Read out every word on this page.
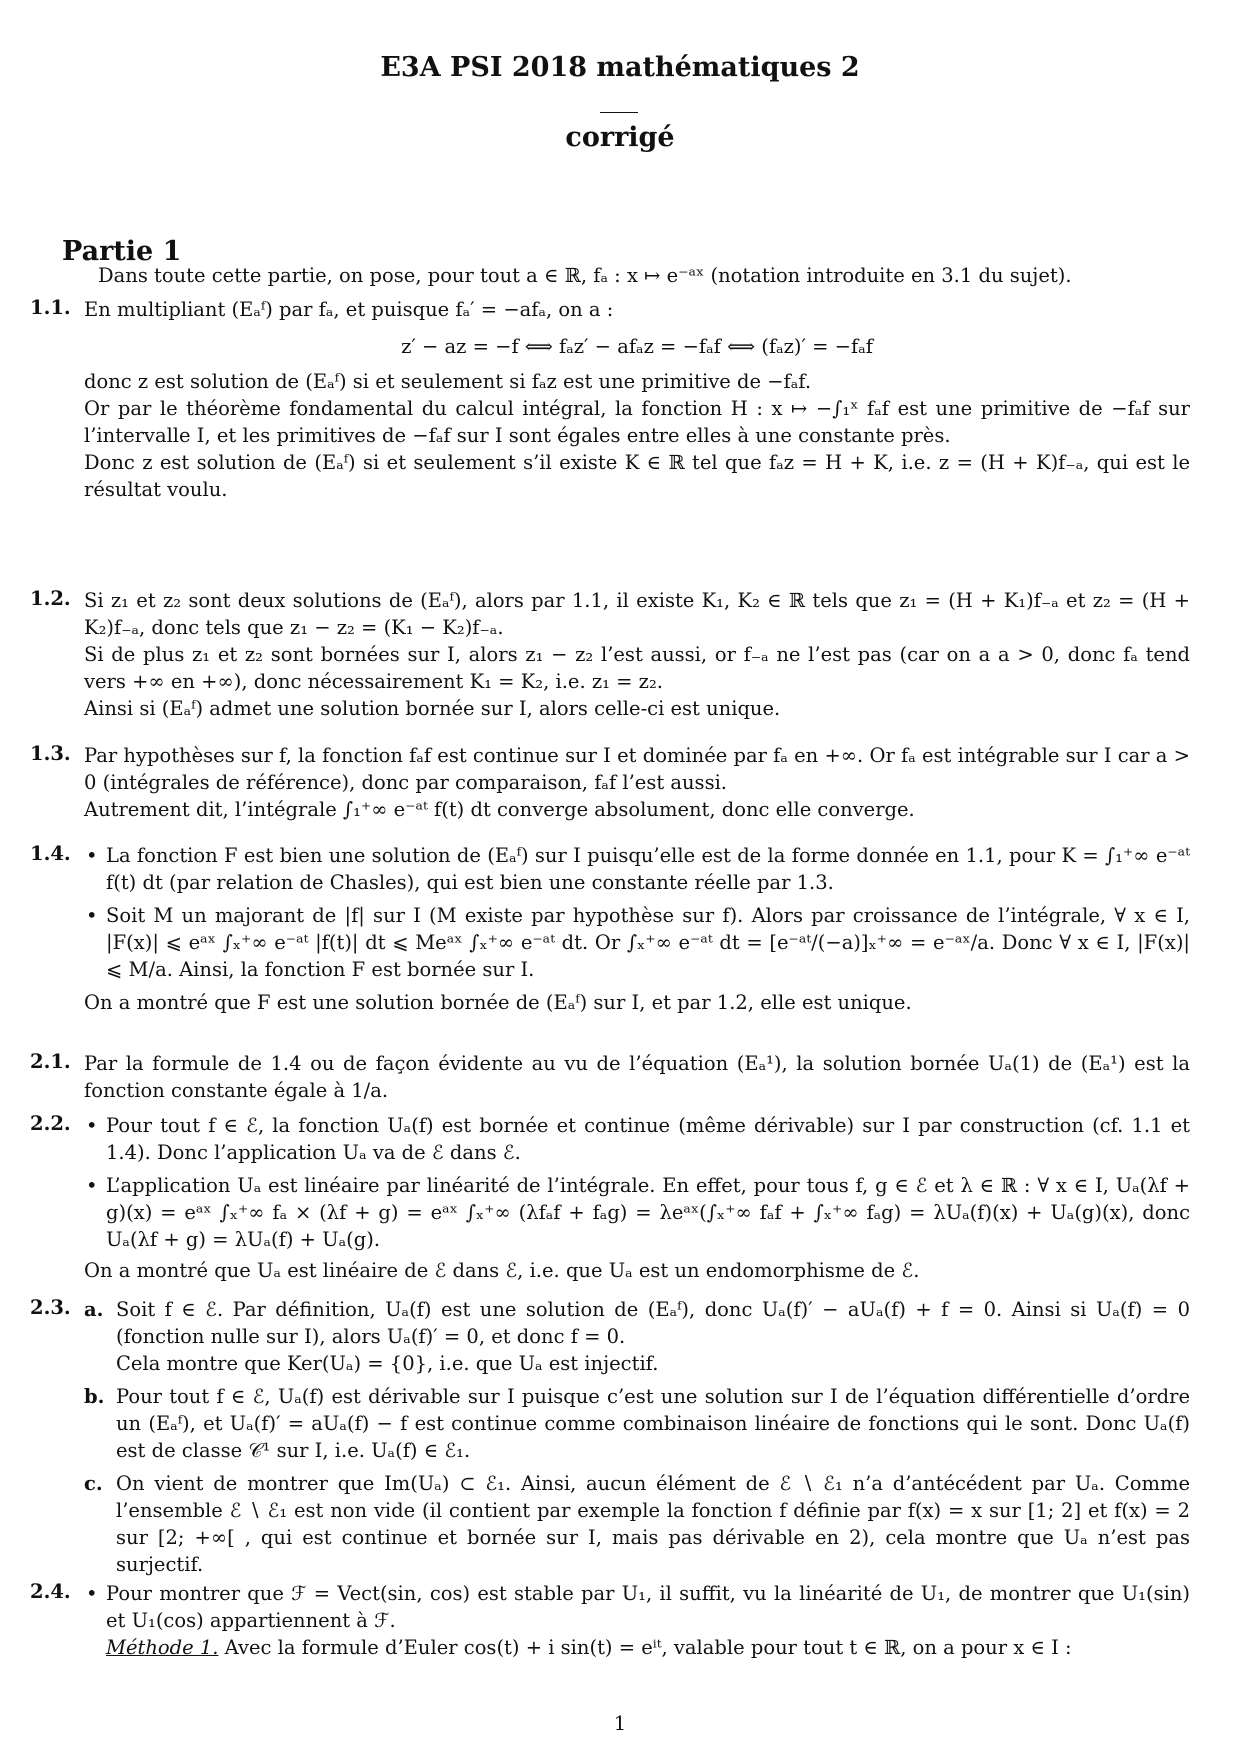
E3A PSI 2018 mathématiques 2
corrigé
Partie 1

Dans toute cette partie, on pose, pour tout a ∈ ℝ, fₐ : x ↦ e⁻ᵃˣ (notation introduite en 3.1 du sujet).

1.1. En multipliant (Eₐᶠ) par fₐ, et puisque fₐ′ = −afₐ, on a :

z′ − az = −f ⟺ fₐz′ − afₐz = −fₐf ⟺ (fₐz)′ = −fₐf

donc z est solution de (Eₐᶠ) si et seulement si fₐz est une primitive de −fₐf.

Or par le théorème fondamental du calcul intégral, la fonction H : x ↦ −∫₁ˣ fₐf est une primitive de −fₐf sur l’intervalle I, et les primitives de −fₐf sur I sont égales entre elles à une constante près.

Donc z est solution de (Eₐᶠ) si et seulement s’il existe K ∈ ℝ tel que fₐz = H + K, i.e. z = (H + K)f₋ₐ, qui est le résultat voulu.

1.2. Si z₁ et z₂ sont deux solutions de (Eₐᶠ), alors par 1.1, il existe K₁, K₂ ∈ ℝ tels que z₁ = (H + K₁)f₋ₐ et z₂ = (H + K₂)f₋ₐ, donc tels que z₁ − z₂ = (K₁ − K₂)f₋ₐ.

Si de plus z₁ et z₂ sont bornées sur I, alors z₁ − z₂ l’est aussi, or f₋ₐ ne l’est pas (car on a a > 0, donc fₐ tend vers +∞ en +∞), donc nécessairement K₁ = K₂, i.e. z₁ = z₂.

Ainsi si (Eₐᶠ) admet une solution bornée sur I, alors celle-ci est unique.

1.3. Par hypothèses sur f, la fonction fₐf est continue sur I et dominée par fₐ en +∞. Or fₐ est intégrable sur I car a > 0 (intégrales de référence), donc par comparaison, fₐf l’est aussi.

Autrement dit, l’intégrale ∫₁⁺∞ e⁻ᵃᵗ f(t) dt converge absolument, donc elle converge.

1.4.	• La fonction F est bien une solution de (Eₐᶠ) sur I puisqu’elle est de la forme donnée en 1.1, pour K = ∫₁⁺∞ e⁻ᵃᵗ f(t) dt (par relation de Chasles), qui est bien une constante réelle par 1.3.

• Soit M un majorant de |f| sur I (M existe par hypothèse sur f). Alors par croissance de l’intégrale, ∀ x ∈ I, |F(x)| ⩽ eᵃˣ ∫ₓ⁺∞ e⁻ᵃᵗ |f(t)| dt ⩽ Meᵃˣ ∫ₓ⁺∞ e⁻ᵃᵗ dt. Or ∫ₓ⁺∞ e⁻ᵃᵗ dt = [e⁻ᵃᵗ/(−a)]ₓ⁺∞ = e⁻ᵃˣ/a. Donc ∀ x ∈ I, |F(x)| ⩽ M/a. Ainsi, la fonction F est bornée sur I.

On a montré que F est une solution bornée de (Eₐᶠ) sur I, et par 1.2, elle est unique.

2.1. Par la formule de 1.4 ou de façon évidente au vu de l’équation (Eₐ¹), la solution bornée Uₐ(1) de (Eₐ¹) est la fonction constante égale à 1/a.

2.2.	• Pour tout f ∈ ℰ, la fonction Uₐ(f) est bornée et continue (même dérivable) sur I par construction (cf. 1.1 et 1.4). Donc l’application Uₐ va de ℰ dans ℰ.

• L’application Uₐ est linéaire par linéarité de l’intégrale. En effet, pour tous f, g ∈ ℰ et λ ∈ ℝ : ∀ x ∈ I, Uₐ(λf + g)(x) = eᵃˣ ∫ₓ⁺∞ fₐ × (λf + g) = eᵃˣ ∫ₓ⁺∞ (λfₐf + fₐg) = λeᵃˣ(∫ₓ⁺∞ fₐf + ∫ₓ⁺∞ fₐg) = λUₐ(f)(x) + Uₐ(g)(x), donc Uₐ(λf + g) = λUₐ(f) + Uₐ(g).

On a montré que Uₐ est linéaire de ℰ dans ℰ, i.e. que Uₐ est un endomorphisme de ℰ.

2.3. a. Soit f ∈ ℰ. Par définition, Uₐ(f) est une solution de (Eₐᶠ), donc Uₐ(f)′ − aUₐ(f) + f = 0. Ainsi si Uₐ(f) = 0 (fonction nulle sur I), alors Uₐ(f)′ = 0, et donc f = 0.

Cela montre que Ker(Uₐ) = {0}, i.e. que Uₐ est injectif.

b. Pour tout f ∈ ℰ, Uₐ(f) est dérivable sur I puisque c’est une solution sur I de l’équation différentielle d’ordre un (Eₐᶠ), et Uₐ(f)′ = aUₐ(f) − f est continue comme combinaison linéaire de fonctions qui le sont. Donc Uₐ(f) est de classe 𝒞¹ sur I, i.e. Uₐ(f) ∈ ℰ₁.

c. On vient de montrer que Im(Uₐ) ⊂ ℰ₁. Ainsi, aucun élément de ℰ ∖ ℰ₁ n’a d’antécédent par Uₐ. Comme l’ensemble ℰ ∖ ℰ₁ est non vide (il contient par exemple la fonction f définie par f(x) = x sur [1; 2] et f(x) = 2 sur [2; +∞[ , qui est continue et bornée sur I, mais pas dérivable en 2), cela montre que Uₐ n’est pas surjectif.

2.4.	• Pour montrer que ℱ = Vect(sin, cos) est stable par U₁, il suffit, vu la linéarité de U₁, de montrer que U₁(sin) et U₁(cos) appartiennent à ℱ.

Méthode 1. Avec la formule d’Euler cos(t) + i sin(t) = eⁱᵗ, valable pour tout t ∈ ℝ, on a pour x ∈ I :

1
